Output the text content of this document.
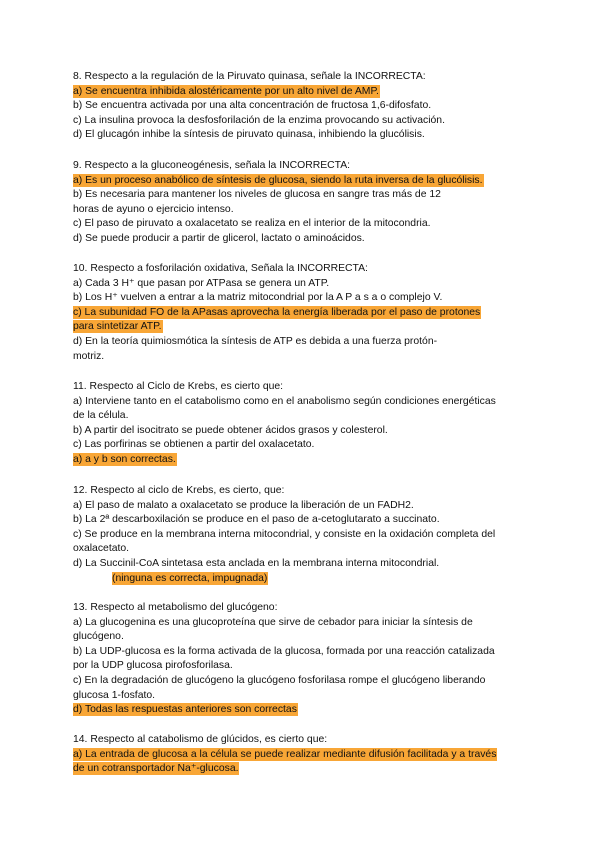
8. Respecto a la regulación de la Piruvato quinasa, señale la INCORRECTA:
a) Se encuentra inhibida alostéricamente por un alto nivel de AMP.
b) Se encuentra activada por una alta concentración de fructosa 1,6-difosfato.
c) La insulina provoca la desfosforilación de la enzima provocando su activación.
d) El glucagón inhibe la síntesis de piruvato quinasa, inhibiendo la glucólisis.
9. Respecto a la gluconeogénesis, señala la INCORRECTA:
a) Es un proceso anabólico de síntesis de glucosa, siendo la ruta inversa de la glucólisis.
b) Es necesaria para mantener los niveles de glucosa en sangre tras más de 12
horas de ayuno o ejercicio intenso.
c) El paso de piruvato a oxalacetato se realiza en el interior de la mitocondria.
d) Se puede producir a partir de glicerol, lactato o aminoácidos.
10. Respecto a fosforilación oxidativa, Señala la INCORRECTA:
a) Cada 3 H⁺ que pasan por ATPasa se genera un ATP.
b) Los H⁺ vuelven a entrar a la matriz mitocondrial por la A P a s a o complejo V.
c) La subunidad FO de la APasas aprovecha la energía liberada por el paso de protones
para sintetizar ATP.
d) En la teoría quimiosmótica la síntesis de ATP es debida a una fuerza protón-
motriz.
11. Respecto al Ciclo de Krebs, es cierto que:
a) Interviene tanto en el catabolismo como en el anabolismo según condiciones energéticas
de la célula.
b) A partir del isocitrato se puede obtener ácidos grasos y colesterol.
c) Las porfirinas se obtienen a partir del oxalacetato.
a) a y b son correctas.
12. Respecto al ciclo de Krebs, es cierto, que:
a) El paso de malato a oxalacetato se produce la liberación de un FADH2.
b) La 2ª descarboxilación se produce en el paso de a-cetoglutarato a succinato.
c) Se produce en la membrana interna mitocondrial, y consiste en la oxidación completa del
oxalacetato.
d) La Succinil-CoA sintetasa esta anclada en la membrana interna mitocondrial.
(ninguna es correcta, impugnada)
13. Respecto al metabolismo del glucógeno:
a) La glucogenina es una glucoproteína que sirve de cebador para iniciar la síntesis de
glucógeno.
b) La UDP-glucosa es la forma activada de la glucosa, formada por una reacción catalizada
por la UDP glucosa pirofosforilasa.
c) En la degradación de glucógeno la glucógeno fosforilasa rompe el glucógeno liberando
glucosa 1-fosfato.
d) Todas las respuestas anteriores son correctas
14. Respecto al catabolismo de glúcidos, es cierto que:
a) La entrada de glucosa a la célula se puede realizar mediante difusión facilitada y a través
de un cotransportador Na⁺-glucosa.
